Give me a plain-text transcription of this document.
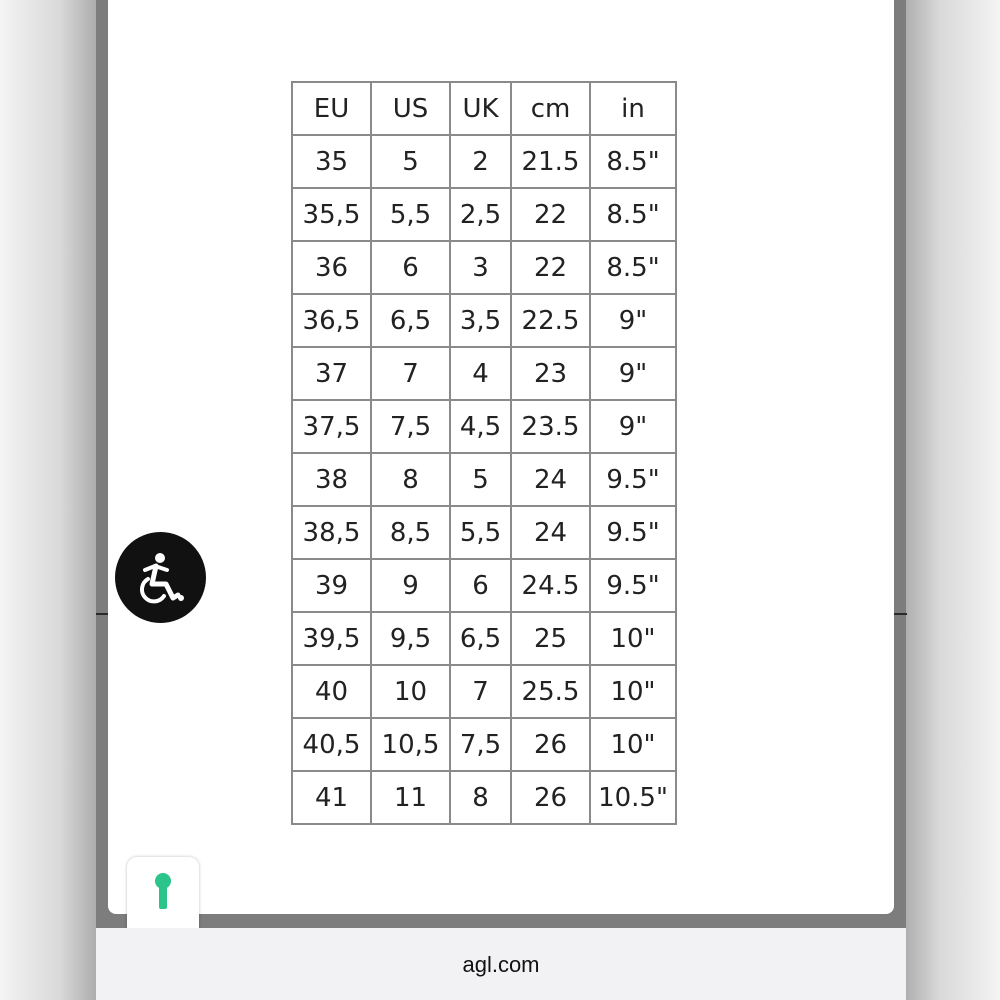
EU	US	UK	cm	in
35	5	2	21.5	8.5"
35,5	5,5	2,5	22	8.5"
36	6	3	22	8.5"
36,5	6,5	3,5	22.5	9"
37	7	4	23	9"
37,5	7,5	4,5	23.5	9"
38	8	5	24	9.5"
38,5	8,5	5,5	24	9.5"
39	9	6	24.5	9.5"
39,5	9,5	6,5	25	10"
40	10	7	25.5	10"
40,5	10,5	7,5	26	10"
41	11	8	26	10.5"
agl.com
